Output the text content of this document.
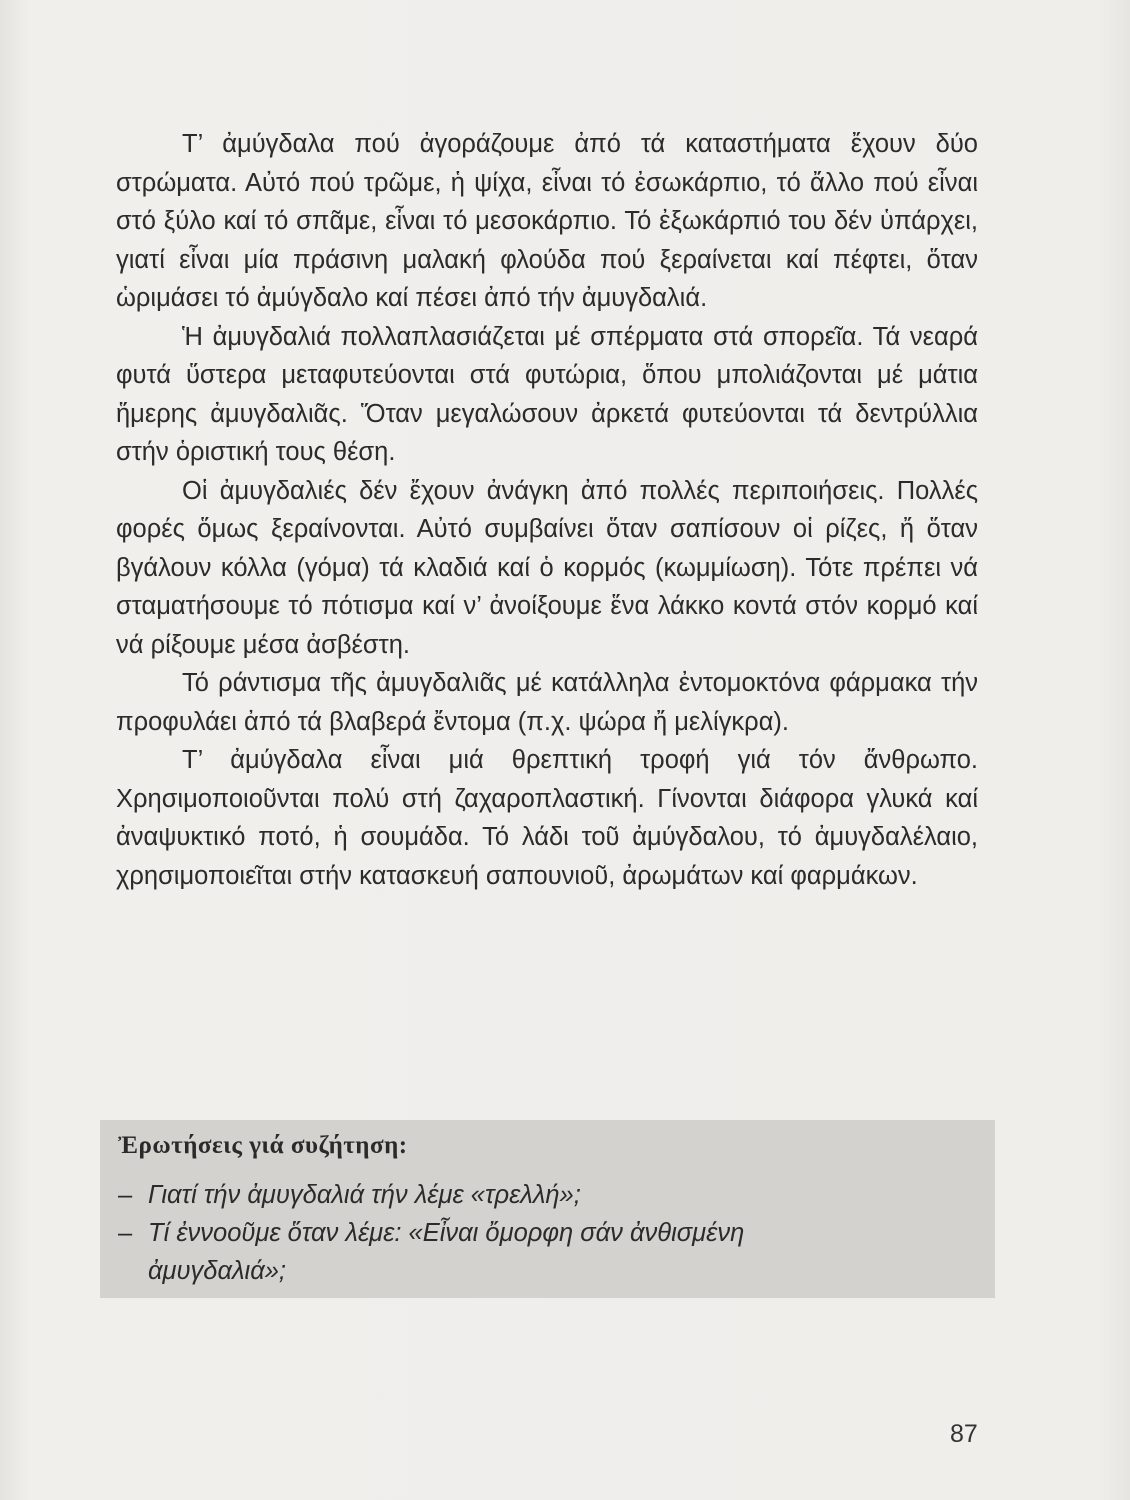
Τ’ ἀμύγδαλα πού ἀγοράζουμε ἀπό τά καταστήματα ἔχουν δύο στρώματα. Αὐτό πού τρῶμε, ἡ ψίχα, εἶναι τό ἐσωκάρπιο, τό ἄλλο πού εἶναι στό ξύλο καί τό σπᾶμε, εἶναι τό μεσοκάρπιο. Τό ἐξωκάρπιό του δέν ὑπάρχει, γιατί εἶναι μία πράσινη μαλακή φλούδα πού ξεραίνεται καί πέφτει, ὅταν ὡριμάσει τό ἀμύγδαλο καί πέσει ἀπό τήν ἀμυγδαλιά.

Ἡ ἀμυγδαλιά πολλαπλασιάζεται μέ σπέρματα στά σπορεῖα. Τά νεαρά φυτά ὕστερα μεταφυτεύονται στά φυτώρια, ὅπου μπολιάζονται μέ μάτια ἥμερης ἀμυγδαλιᾶς. Ὅταν μεγαλώσουν ἀρκετά φυτεύονται τά δεντρύλλια στήν ὁριστική τους θέση.

Οἱ ἀμυγδαλιές δέν ἔχουν ἀνάγκη ἀπό πολλές περιποιήσεις. Πολλές φορές ὅμως ξεραίνονται. Αὐτό συμβαίνει ὅταν σαπίσουν οἱ ρίζες, ἤ ὅταν βγάλουν κόλλα (γόμα) τά κλαδιά καί ὁ κορμός (κωμμίωση). Τότε πρέπει νά σταματήσουμε τό πότισμα καί ν’ ἀνοίξουμε ἕνα λάκκο κοντά στόν κορμό καί νά ρίξουμε μέσα ἀσβέστη.

Τό ράντισμα τῆς ἀμυγδαλιᾶς μέ κατάλληλα ἐντομοκτόνα φάρμακα τήν προφυλάει ἀπό τά βλαβερά ἔντομα (π.χ. ψώρα ἤ μελίγκρα).

Τ’ ἀμύγδαλα εἶναι μιά θρεπτική τροφή γιά τόν ἄνθρωπο. Χρησιμοποιοῦνται πολύ στή ζαχαροπλαστική. Γίνονται διάφορα γλυκά καί ἀναψυκτικό ποτό, ἡ σουμάδα. Τό λάδι τοῦ ἀμύγδαλου, τό ἀμυγδαλέλαιο, χρησιμοποιεῖται στήν κατασκευή σαπουνιοῦ, ἀρωμάτων καί φαρμάκων.

Ἐρωτήσεις γιά συζήτηση:
– Γιατί τήν ἀμυγδαλιά τήν λέμε «τρελλή»;
– Τί ἐννοοῦμε ὅταν λέμε: «Εἶναι ὄμορφη σάν ἀνθισμένη
ἀμυγδαλιά»;
87
